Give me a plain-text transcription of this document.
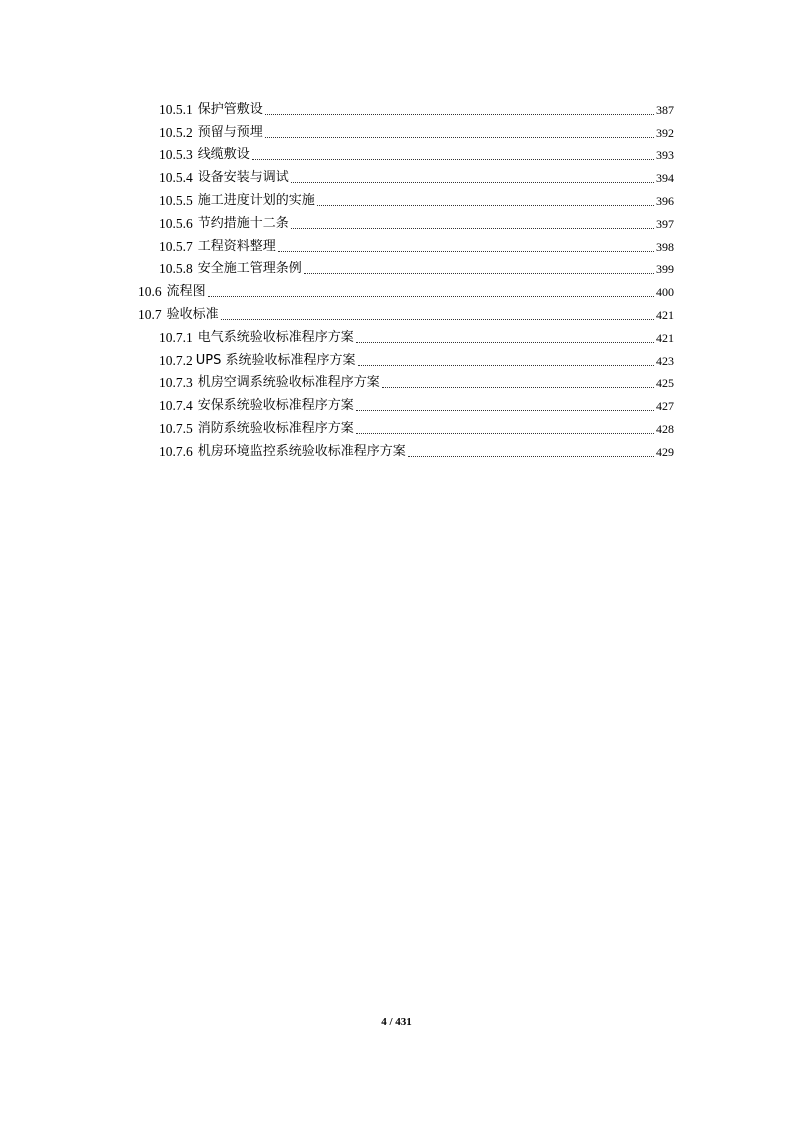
10.5.1 保护管敷设	387
10.5.2 预留与预埋	392
10.5.3 线缆敷设	393
10.5.4 设备安装与调试	394
10.5.5 施工进度计划的实施	396
10.5.6 节约措施十二条	397
10.5.7 工程资料整理	398
10.5.8 安全施工管理条例	399
10.6 流程图	400
10.7 验收标准	421
10.7.1 电气系统验收标准程序方案	421
10.7.2 UPS 系统验收标准程序方案	423
10.7.3 机房空调系统验收标准程序方案	425
10.7.4 安保系统验收标准程序方案	427
10.7.5 消防系统验收标准程序方案	428
10.7.6 机房环境监控系统验收标准程序方案	429
4 / 431
